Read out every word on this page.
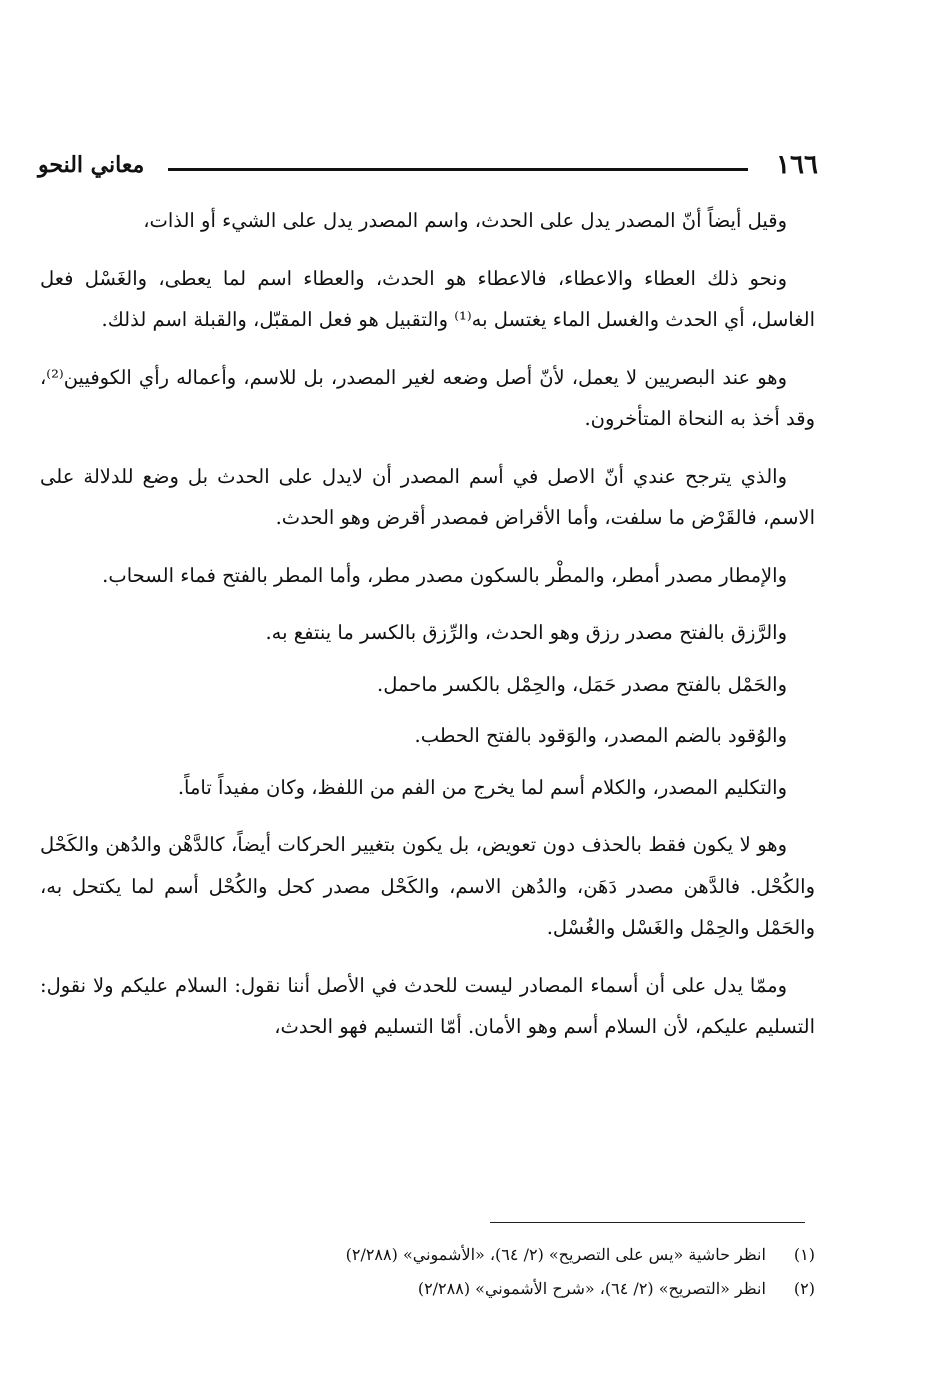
١٦٦
معاني النحو

وقيل أيضاً أنّ المصدر يدل على الحدث، واسم المصدر يدل على الشيء أو الذات،

ونحو ذلك العطاء والاعطاء، فالاعطاء هو الحدث، والعطاء اسم لما يعطى، والغَسْل فعل الغاسل، أي الحدث والغسل الماء يغتسل به⁽¹⁾ والتقبيل هو فعل المقبّل، والقبلة اسم لذلك.

وهو عند البصريين لا يعمل، لأنّ أصل وضعه لغير المصدر، بل للاسم، وأعماله رأي الكوفيين⁽²⁾، وقد أخذ به النحاة المتأخرون.

والذي يترجح عندي أنّ الاصل في أسم المصدر أن لايدل على الحدث بل وضع للدلالة على الاسم، فالقَرْض ما سلفت، وأما الأقراض فمصدر أقرض وهو الحدث.

والإمطار مصدر أمطر، والمطْر بالسكون مصدر مطر، وأما المطر بالفتح فماء السحاب.

والرَّزق بالفتح مصدر رزق وهو الحدث، والرِّزق بالكسر ما ينتفع به.

والحَمْل بالفتح مصدر حَمَل، والحِمْل بالكسر ماحمل.

والوُقود بالضم المصدر، والوَقود بالفتح الحطب.

والتكليم المصدر، والكلام أسم لما يخرج من الفم من اللفظ، وكان مفيداً تاماً.

وهو لا يكون فقط بالحذف دون تعويض، بل يكون بتغيير الحركات أيضاً، كالدَّهْن والدُهن والكَحْل والكُحْل. فالدَّهن مصدر دَهَن، والدُهن الاسم، والكَحْل مصدر كحل والكُحْل أسم لما يكتحل به، والحَمْل والحِمْل والغَسْل والغُسْل.

وممّا يدل على أن أسماء المصادر ليست للحدث في الأصل أننا نقول: السلام عليكم ولا نقول: التسليم عليكم، لأن السلام أسم وهو الأمان. أمّا التسليم فهو الحدث،

(١) انظر حاشية «يس على التصريح» (٢/ ٦٤)، «الأشموني» (٢/٢٨٨)
(٢) انظر «التصريح» (٢/ ٦٤)، «شرح الأشموني» (٢/٢٨٨)
